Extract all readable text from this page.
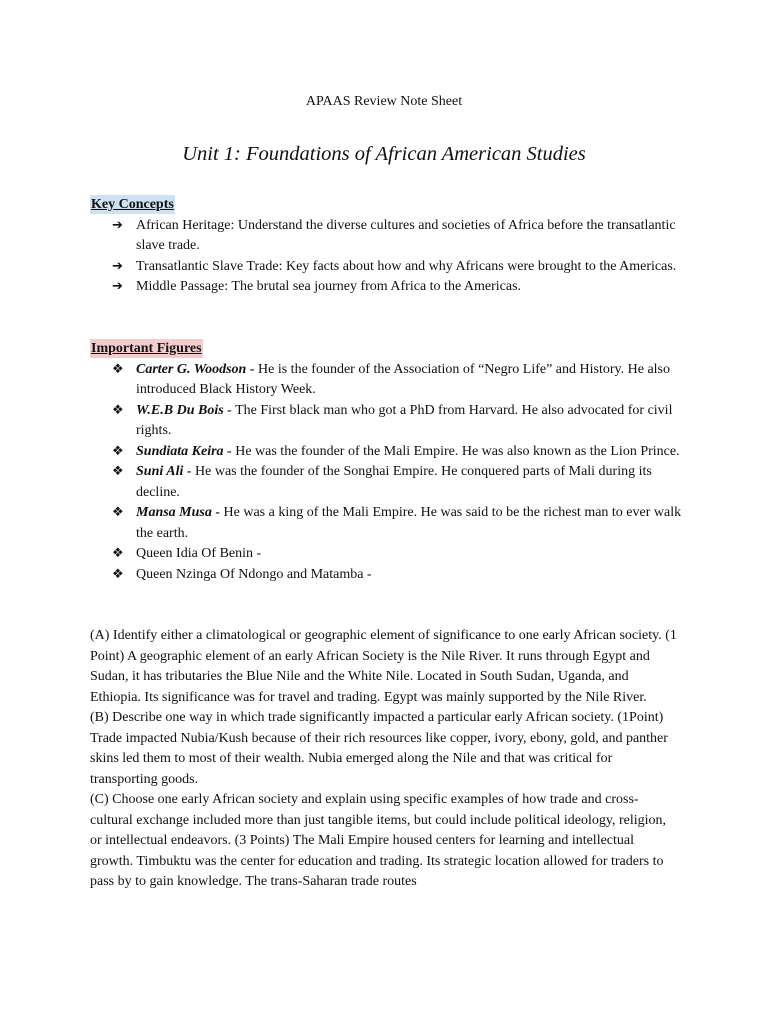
APAAS Review Note Sheet
Unit 1: Foundations of African American Studies
Key Concepts
➔ African Heritage: Understand the diverse cultures and societies of Africa before the transatlantic slave trade.
➔ Transatlantic Slave Trade: Key facts about how and why Africans were brought to the Americas.
➔ Middle Passage: The brutal sea journey from Africa to the Americas.
Important Figures
❖ Carter G. Woodson - He is the founder of the Association of “Negro Life” and History. He also introduced Black History Week.
❖ W.E.B Du Bois - The First black man who got a PhD from Harvard. He also advocated for civil rights.
❖ Sundiata Keira - He was the founder of the Mali Empire. He was also known as the Lion Prince.
❖ Suni Ali - He was the founder of the Songhai Empire. He conquered parts of Mali during its decline.
❖ Mansa Musa - He was a king of the Mali Empire. He was said to be the richest man to ever walk the earth.
❖ Queen Idia Of Benin -
❖ Queen Nzinga Of Ndongo and Matamba -

(A) Identify either a climatological or geographic element of significance to one early African society. (1 Point) A geographic element of an early African Society is the Nile River. It runs through Egypt and Sudan, it has tributaries the Blue Nile and the White Nile. Located in South Sudan, Uganda, and Ethiopia. Its significance was for travel and trading. Egypt was mainly supported by the Nile River.

(B) Describe one way in which trade significantly impacted a particular early African society. (1Point) Trade impacted Nubia/Kush because of their rich resources like copper, ivory, ebony, gold, and panther skins led them to most of their wealth. Nubia emerged along the Nile and that was critical for transporting goods.

(C) Choose one early African society and explain using specific examples of how trade and cross-cultural exchange included more than just tangible items, but could include political ideology, religion, or intellectual endeavors. (3 Points) The Mali Empire housed centers for learning and intellectual growth. Timbuktu was the center for education and trading. Its strategic location allowed for traders to pass by to gain knowledge. The trans-Saharan trade routes
